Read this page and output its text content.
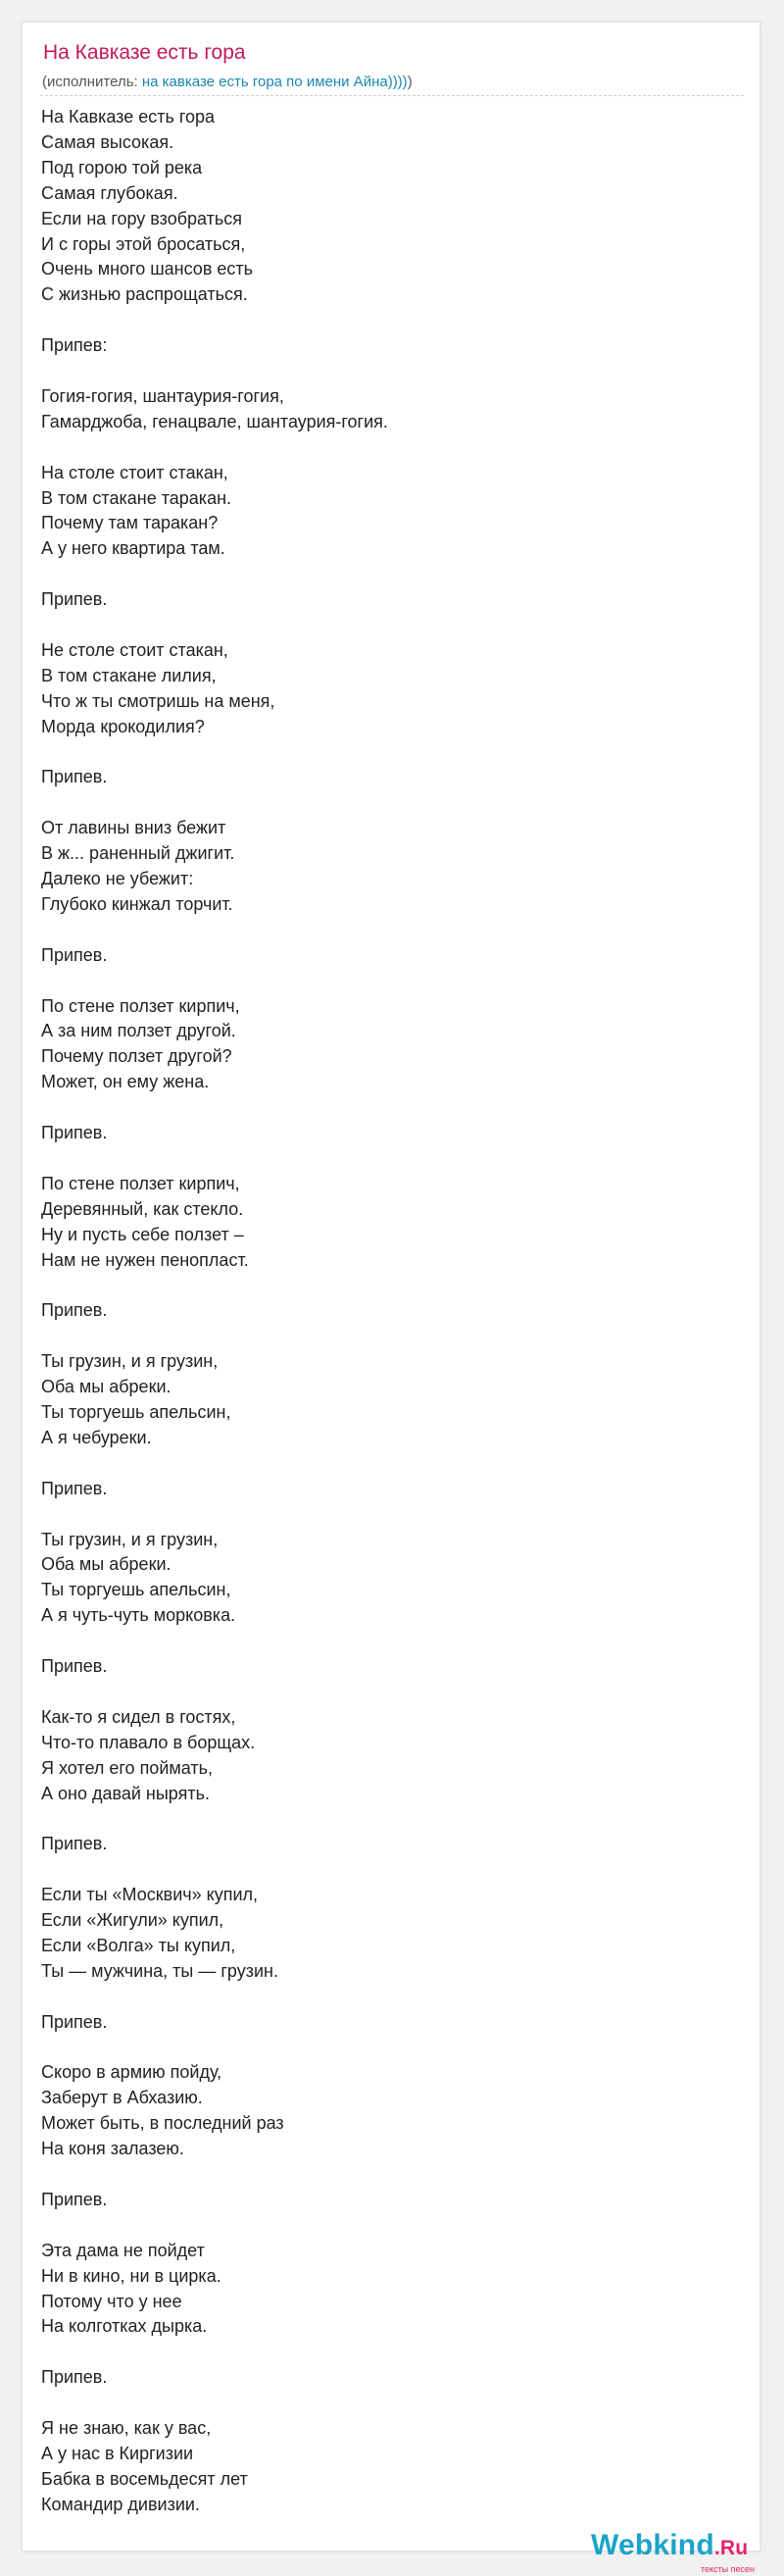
На Кавказе есть гора
(исполнитель: на кавказе есть гора по имени Айна)))))
На Кавказе есть гора
Самая высокая.
Под горою той река
Самая глубокая.
Если на гору взобраться
И с горы этой бросаться,
Очень много шансов есть
С жизнью распрощаться.
Припев:
Гогия-гогия, шантаурия-гогия,
Гамарджоба, генацвале, шантаурия-гогия.
На столе стоит стакан,
В том стакане таракан.
Почему там таракан?
А у него квартира там.
Припев.
Не столе стоит стакан,
В том стакане лилия,
Что ж ты смотришь на меня,
Морда крокодилия?
Припев.
От лавины вниз бежит
В ж... раненный джигит.
Далеко не убежит:
Глубоко кинжал торчит.
Припев.
По стене ползет кирпич,
А за ним ползет другой.
Почему ползет другой?
Может, он ему жена.
Припев.
По стене ползет кирпич,
Деревянный, как стекло.
Ну и пусть себе ползет –
Нам не нужен пенопласт.
Припев.
Ты грузин, и я грузин,
Оба мы абреки.
Ты торгуешь апельсин,
А я чебуреки.
Припев.
Ты грузин, и я грузин,
Оба мы абреки.
Ты торгуешь апельсин,
А я чуть-чуть морковка.
Припев.
Как-то я сидел в гостях,
Что-то плавало в борщах.
Я хотел его поймать,
А оно давай нырять.
Припев.
Если ты «Москвич» купил,
Если «Жигули» купил,
Если «Волга» ты купил,
Ты — мужчина, ты — грузин.
Припев.
Скоро в армию пойду,
Заберут в Абхазию.
Может быть, в последний раз
На коня залазею.
Припев.
Эта дама не пойдет
Ни в кино, ни в цирка.
Потому что у нее
На колготках дырка.
Припев.
Я не знаю, как у вас,
А у нас в Киргизии
Бабка в восемьдесят лет
Командир дивизии.
Webkind.Ru
тексты песен
